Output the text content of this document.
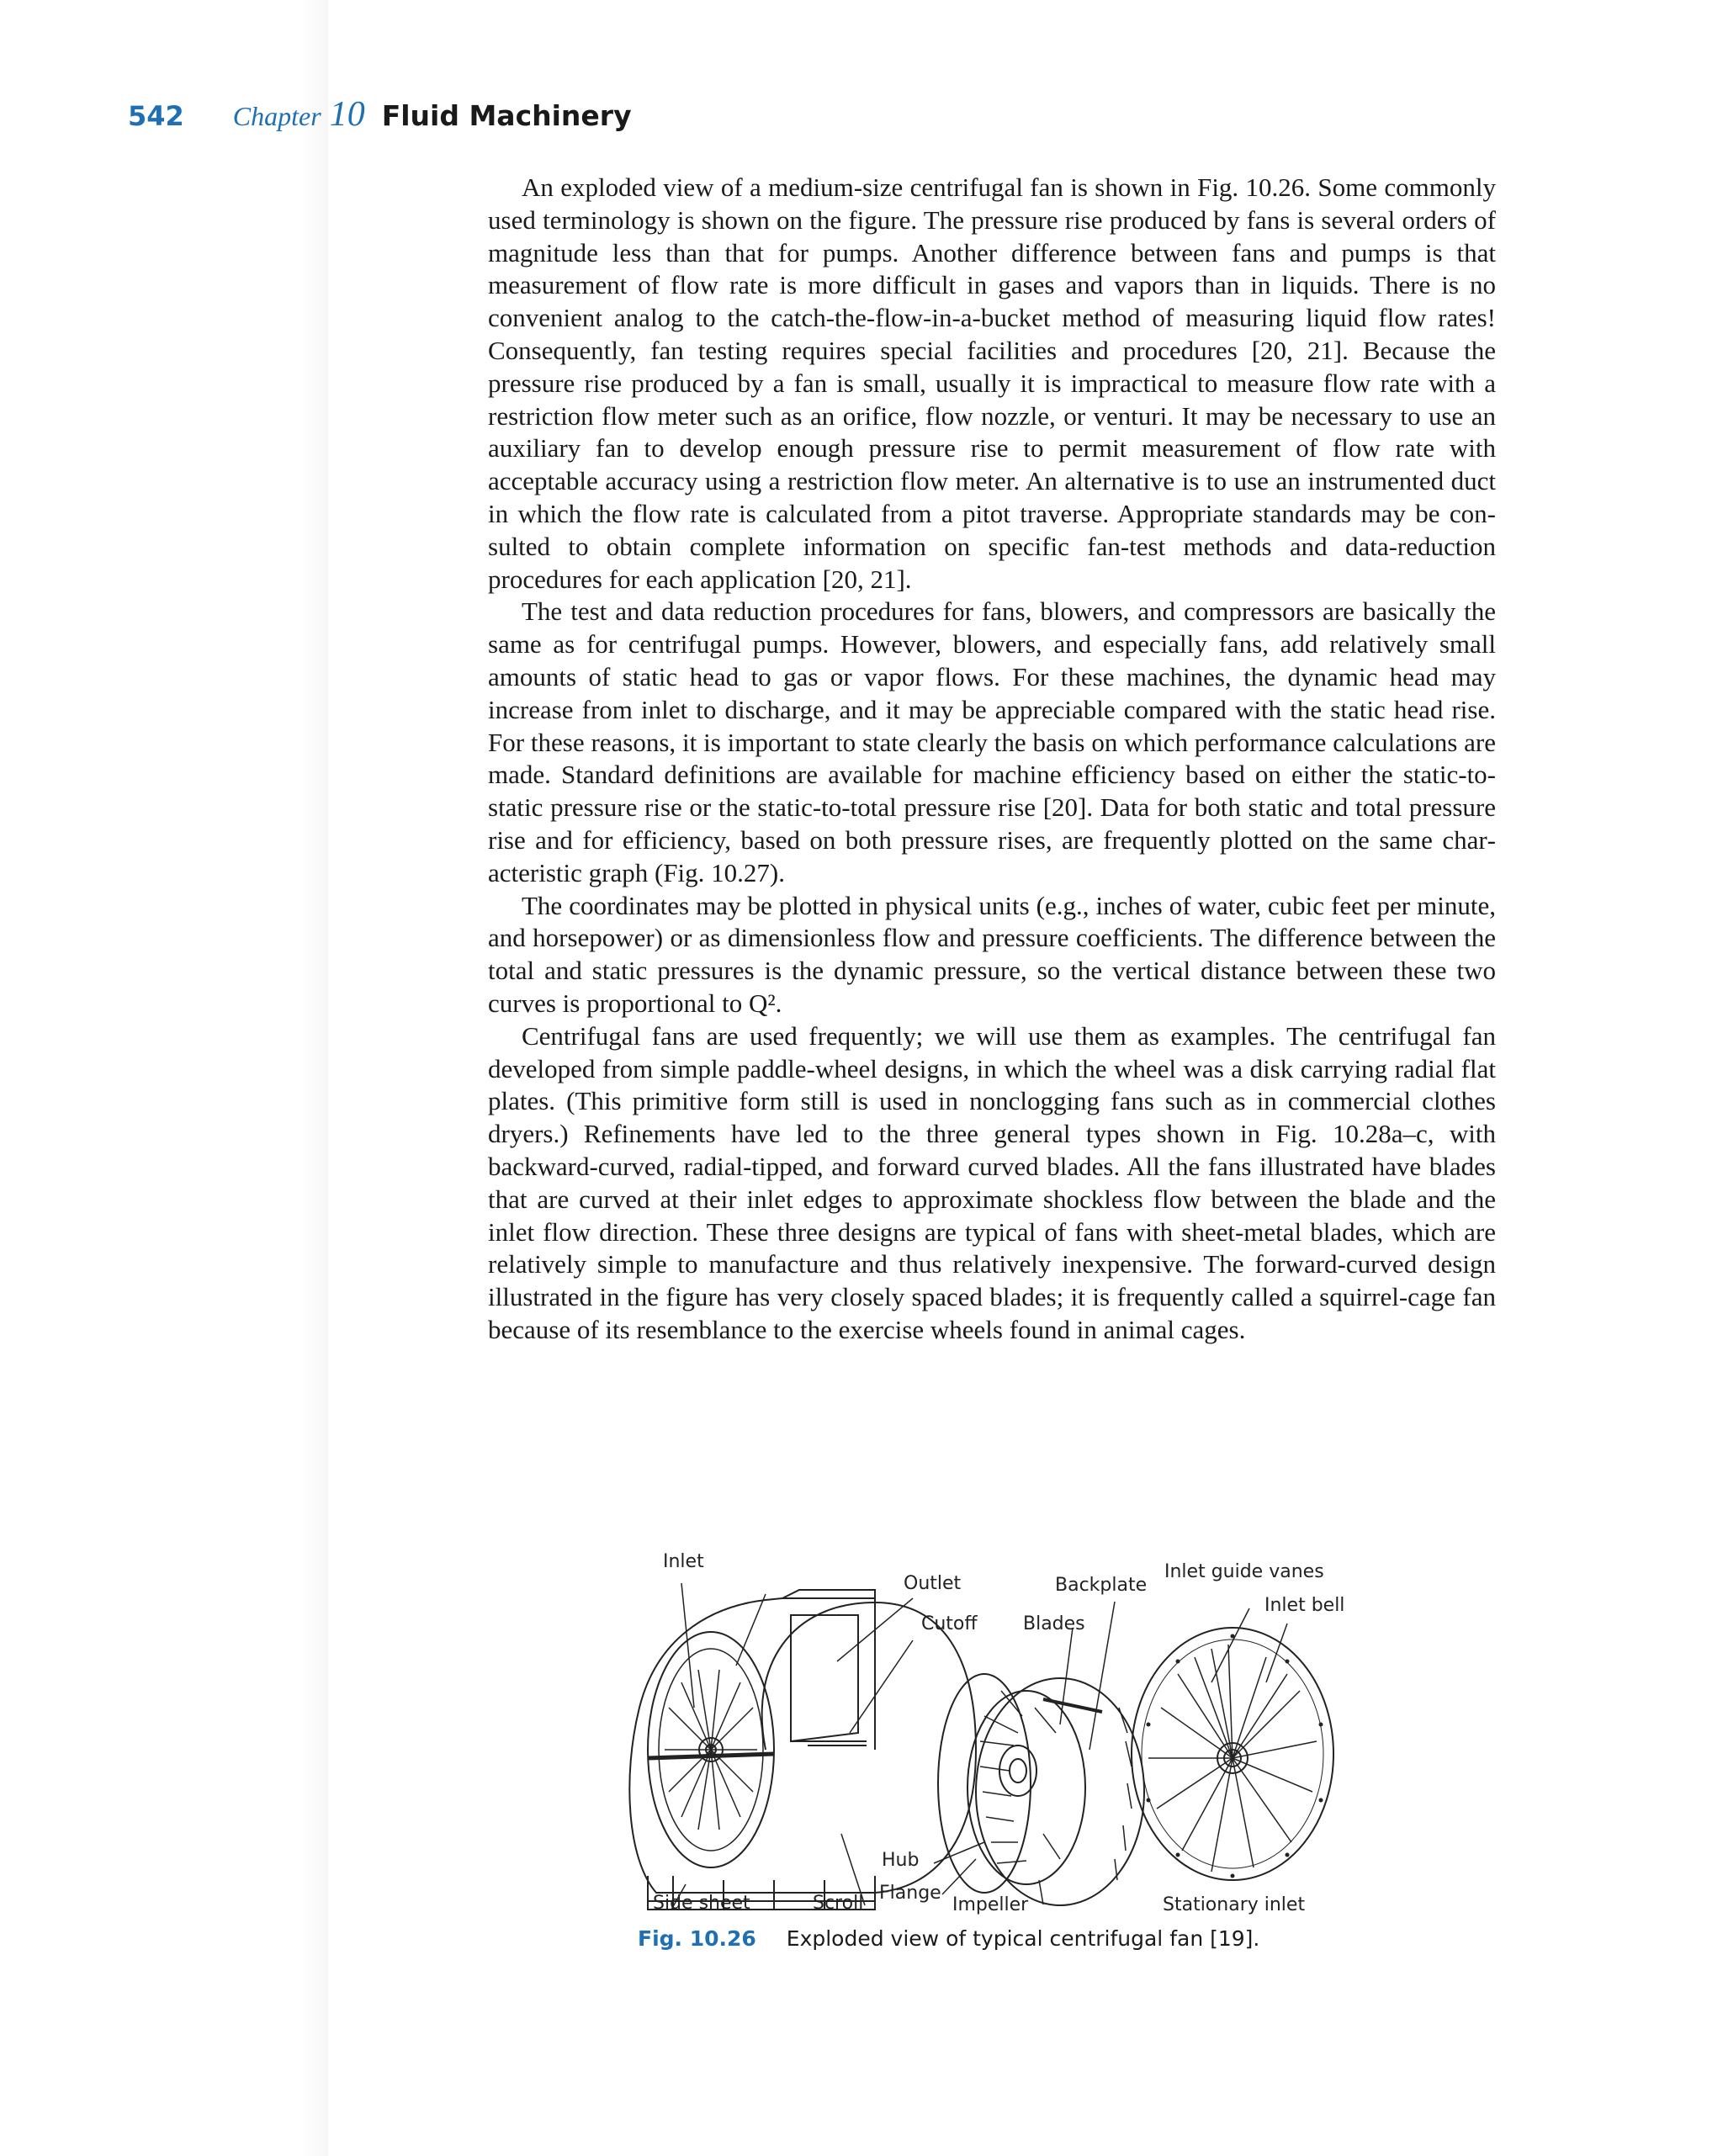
542 Chapter 10 Fluid Machinery

An exploded view of a medium-size centrifugal fan is shown in Fig. 10.26. Some commonly used terminology is shown on the figure. The pressure rise produced by fans is several orders of magnitude less than that for pumps. Another difference between fans and pumps is that measurement of flow rate is more difficult in gases and vapors than in liquids. There is no convenient analog to the catch-the-flow-in-a-bucket method of measuring liquid flow rates! Consequently, fan testing requires special facilities and procedures [20, 21]. Because the pressure rise produced by a fan is small, usually it is impractical to measure flow rate with a restriction flow meter such as an orifice, flow nozzle, or venturi. It may be necessary to use an auxiliary fan to develop enough pressure rise to permit measurement of flow rate with acceptable accuracy using a restriction flow meter. An alternative is to use an instrumented duct in which the flow rate is calculated from a pitot traverse. Appropriate standards may be consulted to obtain complete information on specific fan-test methods and data-reduction procedures for each application [20, 21].

The test and data reduction procedures for fans, blowers, and compressors are basically the same as for centrifugal pumps. However, blowers, and especially fans, add relatively small amounts of static head to gas or vapor flows. For these machines, the dynamic head may increase from inlet to discharge, and it may be appreciable compared with the static head rise. For these reasons, it is important to state clearly the basis on which performance calculations are made. Standard definitions are available for machine efficiency based on either the static-to-static pressure rise or the static-to-total pressure rise [20]. Data for both static and total pressure rise and for efficiency, based on both pressure rises, are frequently plotted on the same characteristic graph (Fig. 10.27).

The coordinates may be plotted in physical units (e.g., inches of water, cubic feet per minute, and horsepower) or as dimensionless flow and pressure coefficients. The difference between the total and static pressures is the dynamic pressure, so the vertical distance between these two curves is proportional to Q².

Centrifugal fans are used frequently; we will use them as examples. The centrifugal fan developed from simple paddle-wheel designs, in which the wheel was a disk carrying radial flat plates. (This primitive form still is used in nonclogging fans such as in commercial clothes dryers.) Refinements have led to the three general types shown in Fig. 10.28a–c, with backward-curved, radial-tipped, and forward curved blades. All the fans illustrated have blades that are curved at their inlet edges to approximate shockless flow between the blade and the inlet flow direction. These three designs are typical of fans with sheet-metal blades, which are relatively simple to manufacture and thus relatively inexpensive. The forward-curved design illustrated in the figure has very closely spaced blades; it is frequently called a squirrel-cage fan because of its resemblance to the exercise wheels found in animal cages.

Inlet
Outlet	Backplate
Inlet guide vanes
Inlet bell
Cutoff Blades
Hub
Side sheet	Scroll Flange
Impeller	Stationary inlet
Fig. 10.26 Exploded view of typical centrifugal fan [19].
